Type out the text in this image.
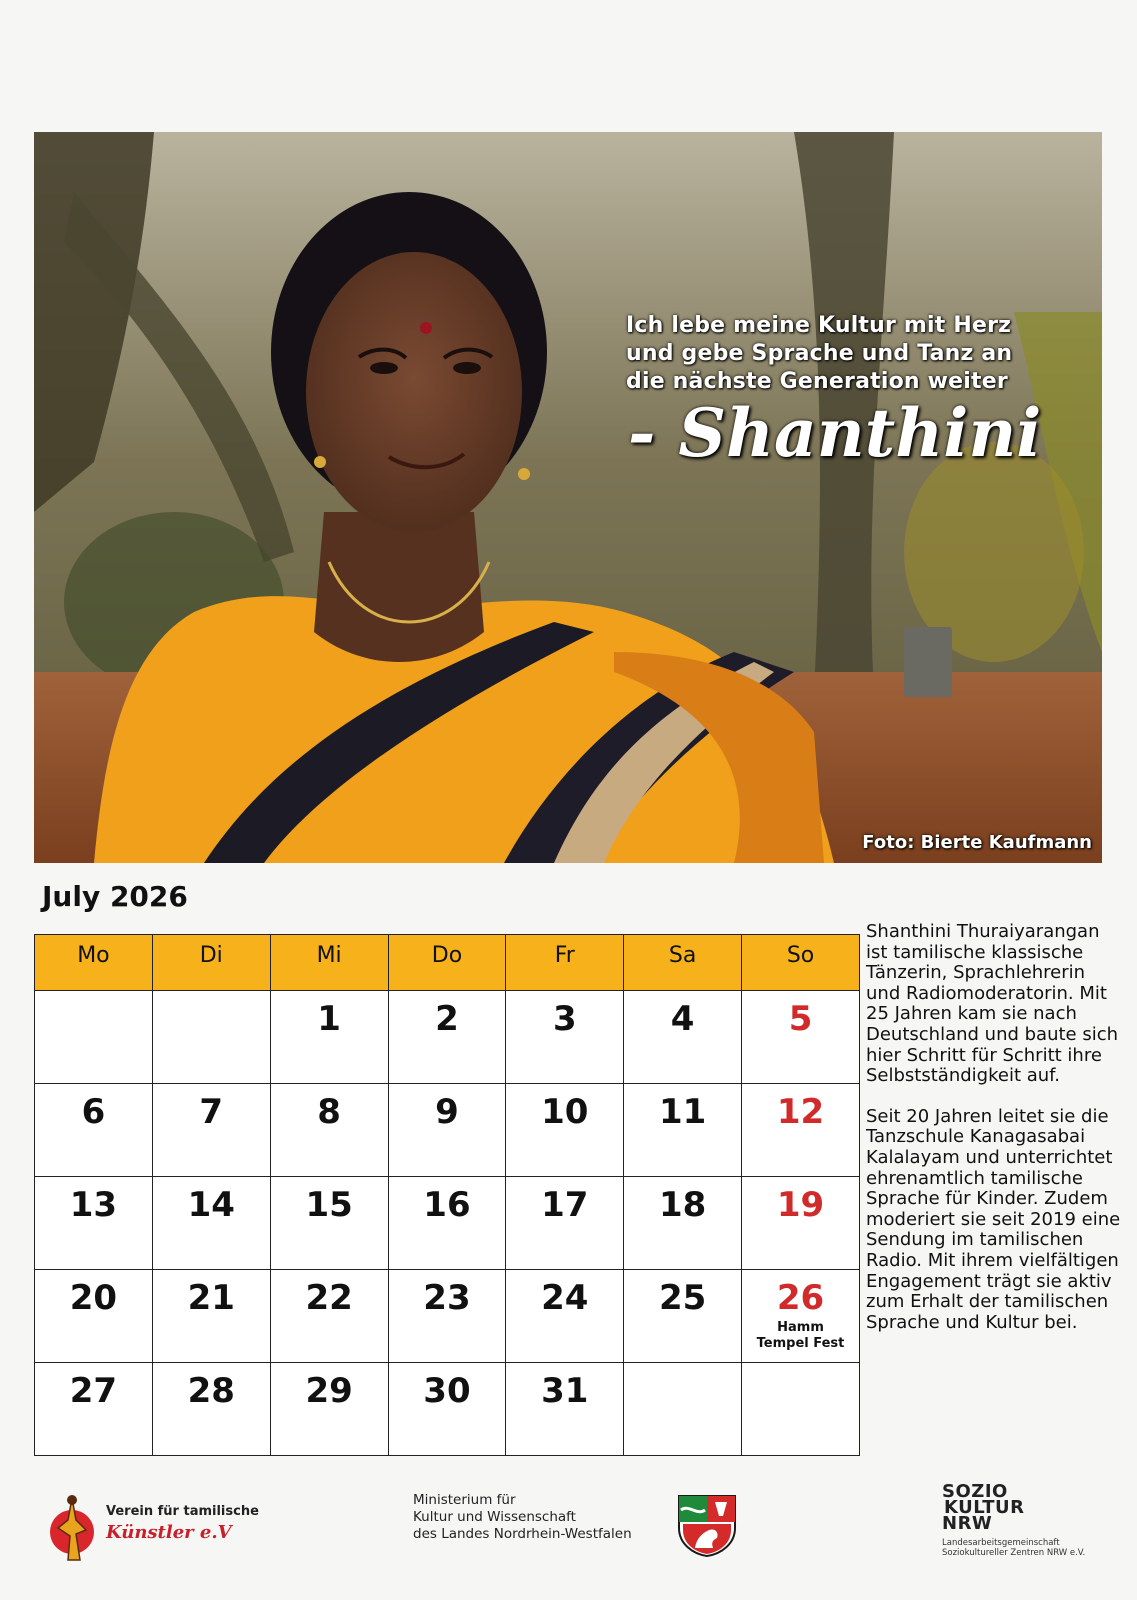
Ich lebe meine Kultur mit Herz
und gebe Sprache und Tanz an
die nächste Generation weiter
- Shanthini
Foto: Bierte Kaufmann
July 2026
Mo	Di	Mi	Do	Fr	Sa	So

		1	2	3	4	5

6	7	8	9	10	11	12

13	14	15	16	17	18	19

20	21	22	23	24	25	26
Hamm
Tempel Fest

27	28	29	30	31		

Shanthini Thuraiyarangan ist tamilische klassische Tänzerin, Sprachlehrerin und Radiomoderatorin. Mit 25 Jahren kam sie nach Deutschland und baute sich hier Schritt für Schritt ihre Selbstständigkeit auf.

Seit 20 Jahren leitet sie die Tanzschule Kanagasabai Kalalayam und unterrichtet ehrenamtlich tamilische Sprache für Kinder. Zudem moderiert sie seit 2019 eine Sendung im tamilischen Radio. Mit ihrem vielfältigen Engagement trägt sie aktiv zum Erhalt der tamilischen Sprache und Kultur bei.

Verein für tamilische
Künstler e.V
Ministerium für
Kultur und Wissenschaft
des Landes Nordrhein-Westfalen
SOZIO
KULTUR
NRW
Landesarbeitsgemeinschaft
Soziokultureller Zentren NRW e.V.
